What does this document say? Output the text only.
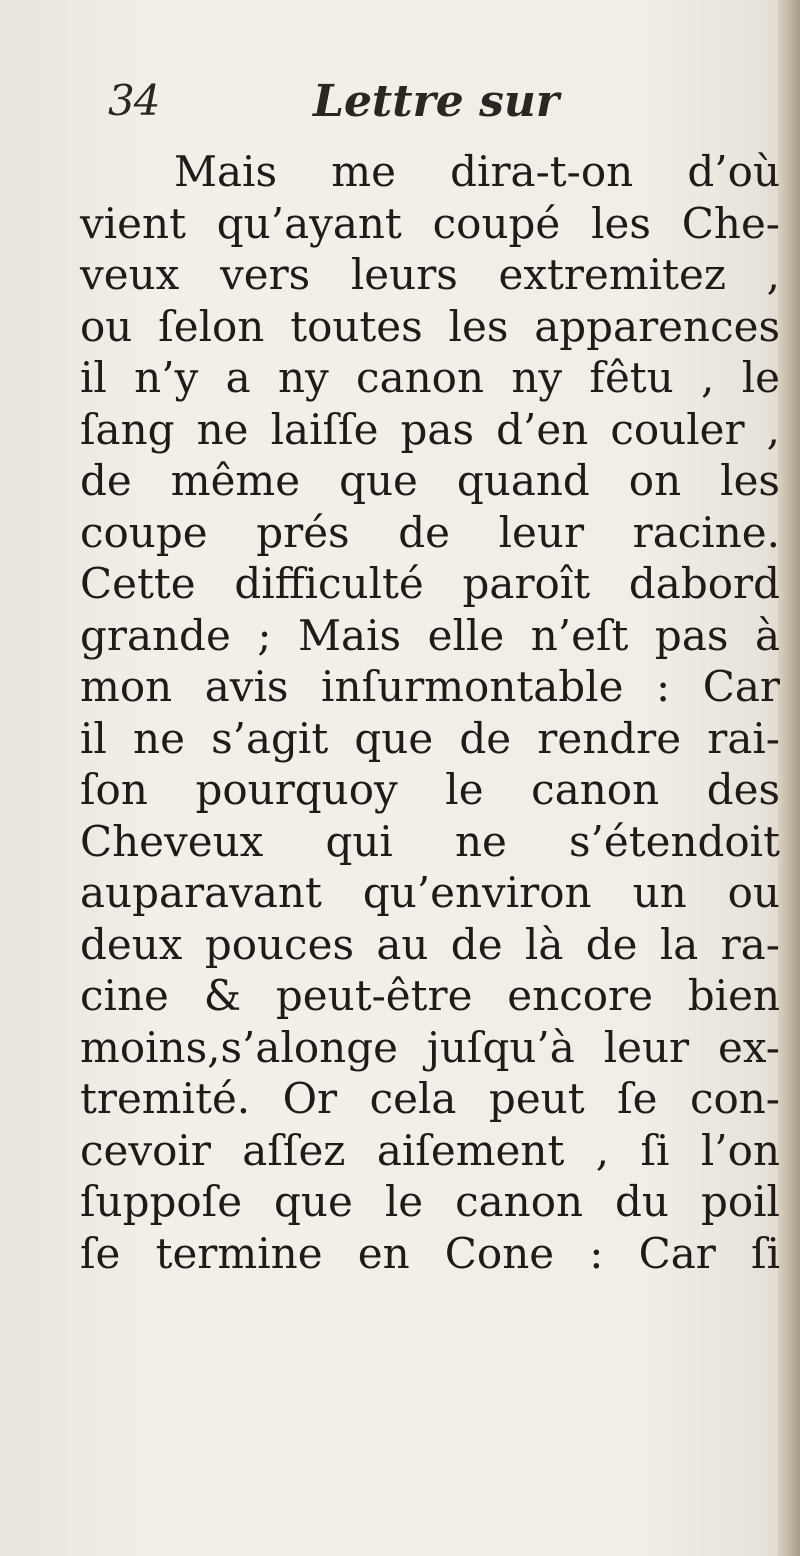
34	Lettre sur
Mais me dira-t-on d’où
vient qu’ayant coupé les Che-
veux vers leurs extremitez ,
ou ſelon toutes les apparences
il n’y a ny canon ny fêtu , le
ſang ne laiſſe pas d’en couler ,
de même que quand on les
coupe prés de leur racine.
Cette difficulté paroît dabord
grande ; Mais elle n’eſt pas à
mon avis inſurmontable : Car
il ne s’agit que de rendre rai-
ſon pourquoy le canon des
Cheveux qui ne s’étendoit
auparavant qu’environ un ou
deux pouces au de là de la ra-
cine & peut-être encore bien
moins,s’alonge juſqu’à leur ex-
tremité. Or cela peut ſe con-
cevoir aſſez aiſement , ſi l’on
ſuppoſe que le canon du poil
ſe termine en Cone : Car ſi
